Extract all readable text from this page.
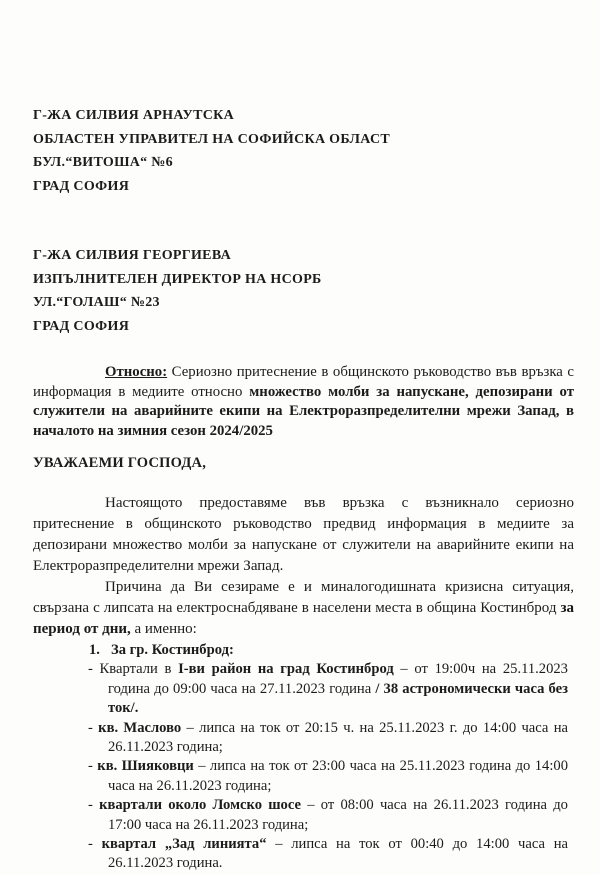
Г-ЖА СИЛВИЯ АРНАУТСКА
ОБЛАСТЕН УПРАВИТЕЛ НА СОФИЙСКА ОБЛАСТ
БУЛ.“ВИТОША“ №6
ГРАД СОФИЯ
Г-ЖА СИЛВИЯ ГЕОРГИЕВА
ИЗПЪЛНИТЕЛЕН ДИРЕКТОР НА НСОРБ
УЛ.“ГОЛАШ“ №23
ГРАД СОФИЯ

Относно: Сериозно притеснение в общинското ръководство във връзка с информация в медиите относно множество молби за напускане, депозирани от служители на аварийните екипи на Електроразпределителни мрежи Запад, в началото на зимния сезон 2024/2025

УВАЖАЕМИ ГОСПОДА,

Настоящото предоставяме във връзка с възникнало сериозно притеснение в общинското ръководство предвид информация в медиите за депозирани множество молби за напускане от служители на аварийните екипи на Електроразпределителни мрежи Запад.

Причина да Ви сезираме е и миналогодишната кризисна ситуация, свързана с липсата на електроснабдяване в населени места в община Костинброд за период от дни, а именно:

1. За гр. Костинброд:

- Квартали в I-ви район на град Костинброд – от 19:00ч на 25.11.2023 година до 09:00 часа на 27.11.2023 година / 38 астрономически часа без ток/.

- кв. Маслово – липса на ток от 20:15 ч. на 25.11.2023 г. до 14:00 часа на 26.11.2023 година;

- кв. Шияковци – липса на ток от 23:00 часа на 25.11.2023 година до 14:00 часа на 26.11.2023 година;

- квартали около Ломско шосе – от 08:00 часа на 26.11.2023 година до 17:00 часа на 26.11.2023 година;

- квартал „Зад линията“ – липса на ток от 00:40 до 14:00 часа на 26.11.2023 година.
